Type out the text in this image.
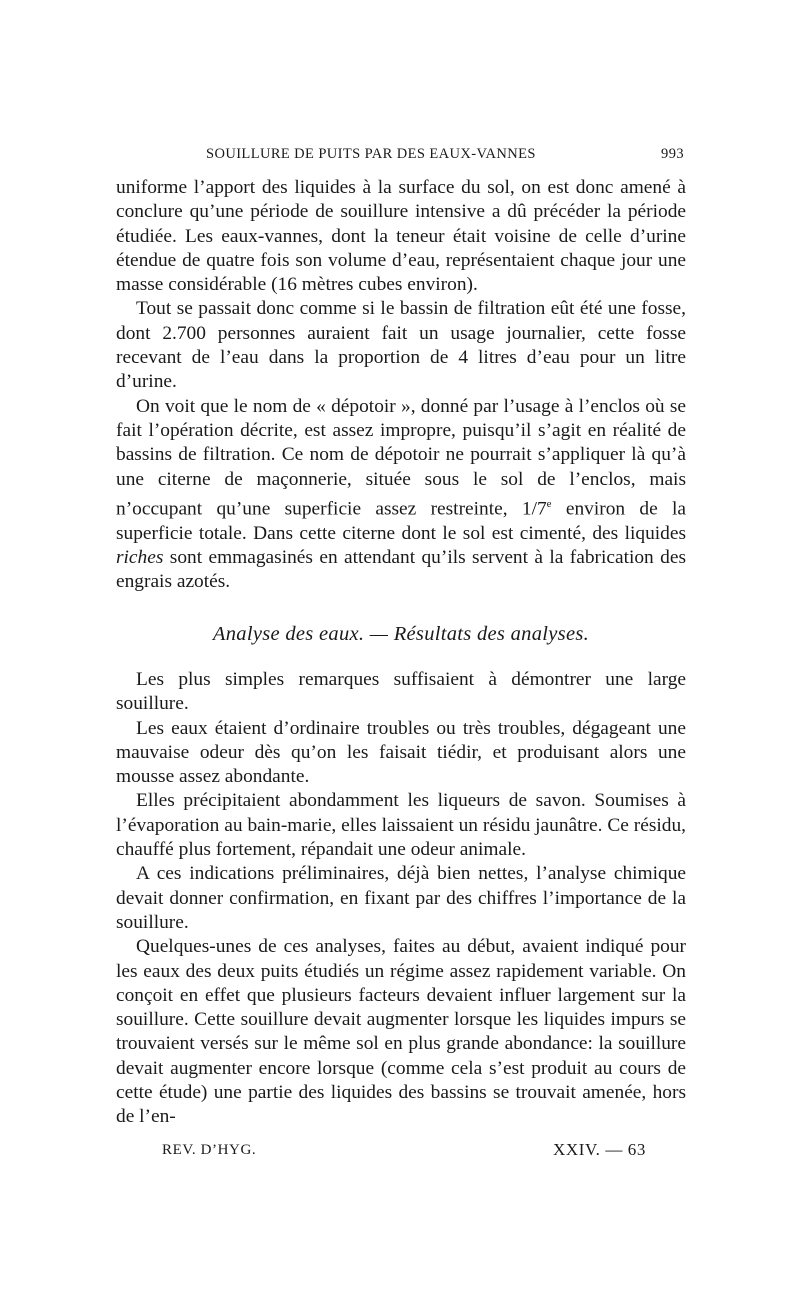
SOUILLURE DE PUITS PAR DES EAUX-VANNES	993

uniforme l’apport des liquides à la surface du sol, on est donc amené à conclure qu’une période de souillure intensive a dû précéder la période étudiée. Les eaux-vannes, dont la teneur était voisine de celle d’urine étendue de quatre fois son volume d’eau, représentaient chaque jour une masse considérable (16 mètres cubes environ).

Tout se passait donc comme si le bassin de filtration eût été une fosse, dont 2.700 personnes auraient fait un usage journalier, cette fosse recevant de l’eau dans la proportion de 4 litres d’eau pour un litre d’urine.

On voit que le nom de « dépotoir », donné par l’usage à l’enclos où se fait l’opération décrite, est assez impropre, puisqu’il s’agit en réalité de bassins de filtration. Ce nom de dépotoir ne pourrait s’appliquer là qu’à une citerne de maçonnerie, située sous le sol de l’enclos, mais n’occupant qu’une superficie assez restreinte, 1/7e environ de la superficie totale. Dans cette citerne dont le sol est cimenté, des liquides riches sont emmagasinés en attendant qu’ils servent à la fabrication des engrais azotés.

Analyse des eaux. — Résultats des analyses.

Les plus simples remarques suffisaient à démontrer une large souillure.

Les eaux étaient d’ordinaire troubles ou très troubles, dégageant une mauvaise odeur dès qu’on les faisait tiédir, et produisant alors une mousse assez abondante.

Elles précipitaient abondamment les liqueurs de savon. Soumises à l’évaporation au bain-marie, elles laissaient un résidu jaunâtre. Ce résidu, chauffé plus fortement, répandait une odeur animale.

A ces indications préliminaires, déjà bien nettes, l’analyse chimique devait donner confirmation, en fixant par des chiffres l’importance de la souillure.

Quelques-unes de ces analyses, faites au début, avaient indiqué pour les eaux des deux puits étudiés un régime assez rapidement variable. On conçoit en effet que plusieurs facteurs devaient influer largement sur la souillure. Cette souillure devait augmenter lorsque les liquides impurs se trouvaient versés sur le même sol en plus grande abondance: la souillure devait augmenter encore lorsque (comme cela s’est produit au cours de cette étude) une partie des liquides des bassins se trouvait amenée, hors de l’en-

REV. D’HYG.	XXIV. — 63
